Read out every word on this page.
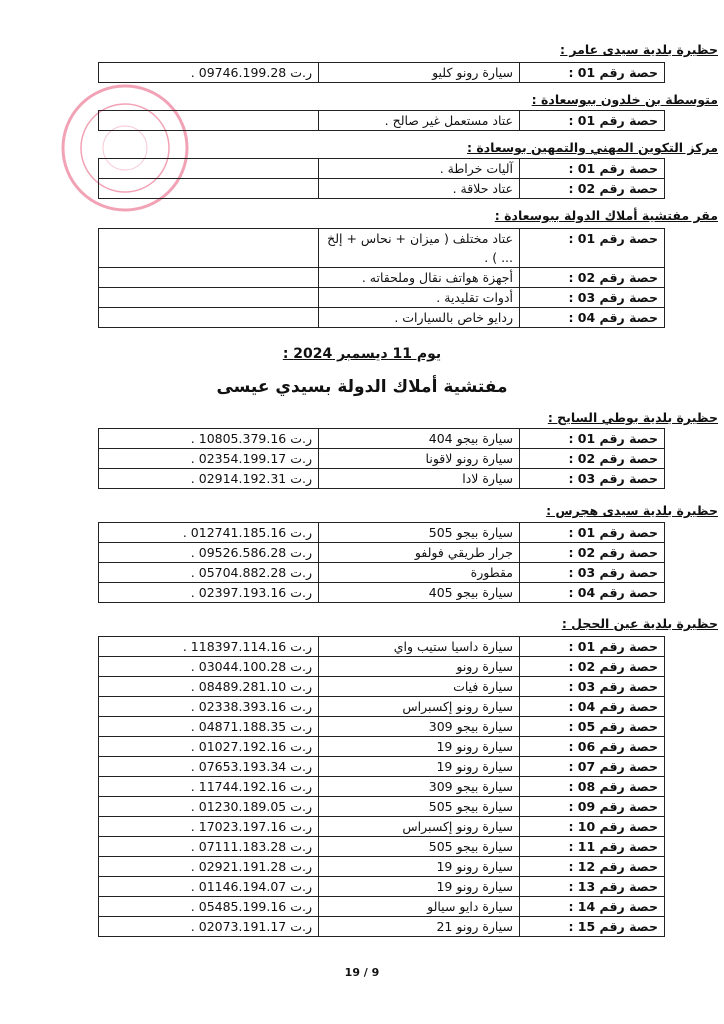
حظيرة بلدية سيدى عامر :
حصة رقم 01 :	سيارة رونو كليو	ر.ت 09746.199.28 .
متوسطة بن خلدون ببوسعادة :
حصة رقم 01 :	عتاد مستعمل غير صالح .	
مركز التكوين المهني والتمهين بوسعادة :
حصة رقم 01 :	آليات خراطة .	
حصة رقم 02 :	عتاد حلاقة .	
مقر مفتشية أملاك الدولة ببوسعادة :
حصة رقم 01 :	عتاد مختلف ( ميزان + نحاس + إلخ ... ) .	
حصة رقم 02 :	أجهزة هواتف نقال وملحقاته .	
حصة رقم 03 :	أدوات تقليدية .	
حصة رقم 04 :	ردايو خاص بالسيارات .	
حظيرة بلدية بوطي السايح :
حصة رقم 01 :	سيارة بيجو 404	ر.ت 10805.379.16 .
حصة رقم 02 :	سيارة رونو لاقونا	ر.ت 02354.199.17 .
حصة رقم 03 :	سيارة لادا	ر.ت 02914.192.31 .
حظيرة بلدية سيدى هجرس :
حصة رقم 01 :	سيارة بيجو 505	ر.ت 012741.185.16 .
حصة رقم 02 :	جرار طريقي فولفو	ر.ت 09526.586.28 .
حصة رقم 03 :	مقطورة	ر.ت 05704.882.28 .
حصة رقم 04 :	سيارة بيجو 405	ر.ت 02397.193.16 .
حظيرة بلدية عين الحجل :
حصة رقم 01 :	سيارة داسيا ستيب واي	ر.ت 118397.114.16 .
حصة رقم 02 :	سيارة رونو	ر.ت 03044.100.28 .
حصة رقم 03 :	سيارة فيات	ر.ت 08489.281.10 .
حصة رقم 04 :	سيارة رونو إكسبراس	ر.ت 02338.393.16 .
حصة رقم 05 :	سيارة بيجو 309	ر.ت 04871.188.35 .
حصة رقم 06 :	سيارة رونو 19	ر.ت 01027.192.16 .
حصة رقم 07 :	سيارة رونو 19	ر.ت 07653.193.34 .
حصة رقم 08 :	سيارة بيجو 309	ر.ت 11744.192.16 .
حصة رقم 09 :	سيارة بيجو 505	ر.ت 01230.189.05 .
حصة رقم 10 :	سيارة رونو إكسبراس	ر.ت 17023.197.16 .
حصة رقم 11 :	سيارة بيجو 505	ر.ت 07111.183.28 .
حصة رقم 12 :	سيارة رونو 19	ر.ت 02921.191.28 .
حصة رقم 13 :	سيارة رونو 19	ر.ت 01146.194.07 .
حصة رقم 14 :	سيارة دايو سيالو	ر.ت 05485.199.16 .
حصة رقم 15 :	سيارة رونو 21	ر.ت 02073.191.17 .
يوم 11 ديسمبر 2024 :
مفتشية أملاك الدولة بسيدي عيسى
19 / 9
